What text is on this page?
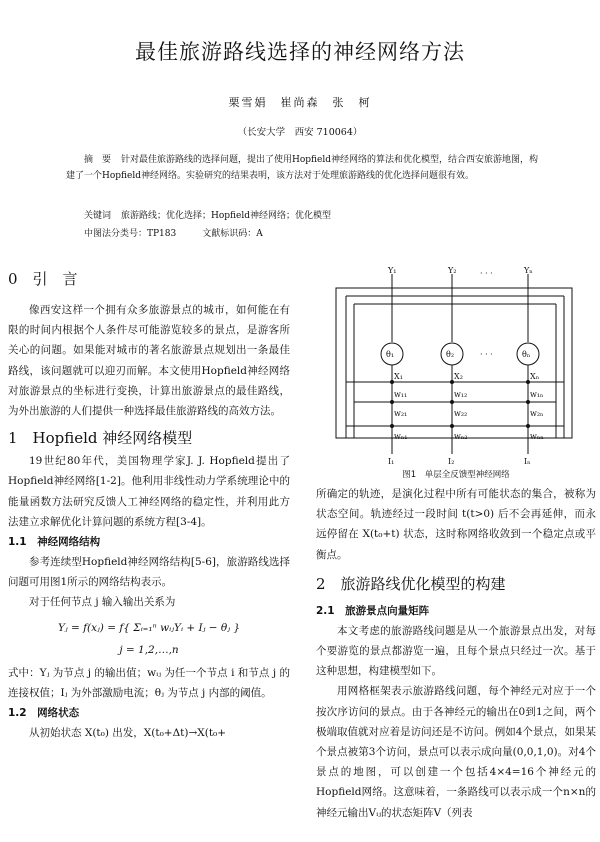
最佳旅游路线选择的神经网络方法
栗雪娟　崔尚森　张　柯
（长安大学　西安 710064）

摘　要 针对最佳旅游路线的选择问题，提出了使用Hopfield神经网络的算法和优化模型，结合西安旅游地图，构建了一个Hopfield神经网络。实验研究的结果表明，该方法对于处理旅游路线的优化选择问题很有效。

关键词 旅游路线；优化选择；Hopfield神经网络；优化模型
中图法分类号：TP183	文献标识码：A
0　引　言

像西安这样一个拥有众多旅游景点的城市，如何能在有限的时间内根据个人条件尽可能游览较多的景点，是游客所关心的问题。如果能对城市的著名旅游景点规划出一条最佳路线，该问题就可以迎刃而解。本文使用Hopfield神经网络对旅游景点的坐标进行变换，计算出旅游景点的最佳路线，为外出旅游的人们提供一种选择最佳旅游路线的高效方法。

1　Hopfield 神经网络模型

19世纪80年代，美国物理学家J. J. Hopfield提出了Hopfield神经网络[1-2]。他利用非线性动力学系统理论中的能量函数方法研究反馈人工神经网络的稳定性，并利用此方法建立求解优化计算问题的系统方程[3-4]。

1.1　神经网络结构

参考连续型Hopfield神经网络结构[5-6]，旅游路线选择问题可用图1所示的网络结构表示。

对于任何节点 j 输入输出关系为

Yⱼ = f(xⱼ) = f{ Σᵢ₌₁ⁿ wᵢⱼYᵢ + Iⱼ − θⱼ }
j = 1,2,…,n

式中：Yⱼ 为节点 j 的输出值；wᵢⱼ 为任一个节点 i 和节点 j 的连接权值；Iⱼ 为外部激励电流；θⱼ 为节点 j 内部的阈值。

1.2　网络状态

从初始状态 X(t₀) 出发，X(t₀+Δt)→X(t₀+

Y₁	Y₂	Yₙ
· · ·
θ₁	θ₂	θₙ
· · ·
X₁	X₂	Xₙ
w₁₁	w₁₂	w₁ₙ
w₂₁	w₂₂	w₂ₙ
wₙ₁	wₙ₂	wₙₙ
I₁	I₂	Iₙ
图1　单层全反馈型神经网络

所确定的轨迹，是演化过程中所有可能状态的集合，被称为状态空间。轨迹经过一段时间 t(t>0) 后不会再延伸，而永远停留在 X(t₀+t) 状态，这时称网络收敛到一个稳定点或平衡点。

2　旅游路线优化模型的构建
2.1　旅游景点向量矩阵

本文考虑的旅游路线问题是从一个旅游景点出发，对每个要游览的景点都游览一遍，且每个景点只经过一次。基于这种思想，构建模型如下。

用网格框架表示旅游路线问题，每个神经元对应于一个按次序访问的景点。由于各神经元的输出在0到1之间，两个极端取值就对应着是访问还是不访问。例如4个景点，如果某个景点被第3个访问，景点可以表示成向量(0,0,1,0)。对4个景点的地图，可以创建一个包括4×4=16个神经元的Hopfield网络。这意味着，一条路线可以表示成一个n×n的神经元输出Vᵢⱼ的状态矩阵V（列表
